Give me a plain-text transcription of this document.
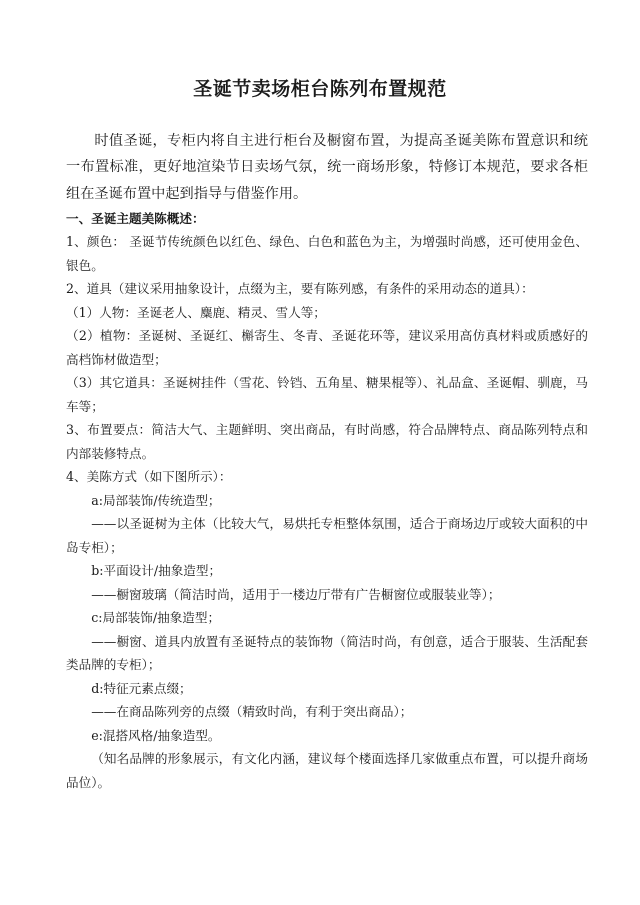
圣诞节卖场柜台陈列布置规范

时值圣诞，专柜内将自主进行柜台及橱窗布置，为提高圣诞美陈布置意识和统一布置标准，更好地渲染节日卖场气氛，统一商场形象，特修订本规范，要求各柜组在圣诞布置中起到指导与借鉴作用。

一、圣诞主题美陈概述：

1、颜色： 圣诞节传统颜色以红色、绿色、白色和蓝色为主，为增强时尚感，还可使用金色、银色。

2、道具（建议采用抽象设计，点缀为主，要有陈列感，有条件的采用动态的道具）：

（1）人物：圣诞老人、麋鹿、精灵、雪人等；

（2）植物：圣诞树、圣诞红、槲寄生、冬青、圣诞花环等，建议采用高仿真材料或质感好的高档饰材做造型；

（3）其它道具：圣诞树挂件（雪花、铃铛、五角星、糖果棍等）、礼品盒、圣诞帽、驯鹿，马车等；

3、布置要点：简洁大气、主题鲜明、突出商品，有时尚感，符合品牌特点、商品陈列特点和内部装修特点。

4、美陈方式（如下图所示）：

a:局部装饰/传统造型；

——以圣诞树为主体（比较大气，易烘托专柜整体氛围，适合于商场边厅或较大面积的中岛专柜）；

b:平面设计/抽象造型；

——橱窗玻璃（简洁时尚，适用于一楼边厅带有广告橱窗位或服装业等）；

c:局部装饰/抽象造型；

——橱窗、道具内放置有圣诞特点的装饰物（简洁时尚，有创意，适合于服装、生活配套类品牌的专柜）；

d:特征元素点缀；

——在商品陈列旁的点缀（精致时尚，有利于突出商品）；

e:混搭风格/抽象造型。

（知名品牌的形象展示，有文化内涵，建议每个楼面选择几家做重点布置，可以提升商场品位）。
